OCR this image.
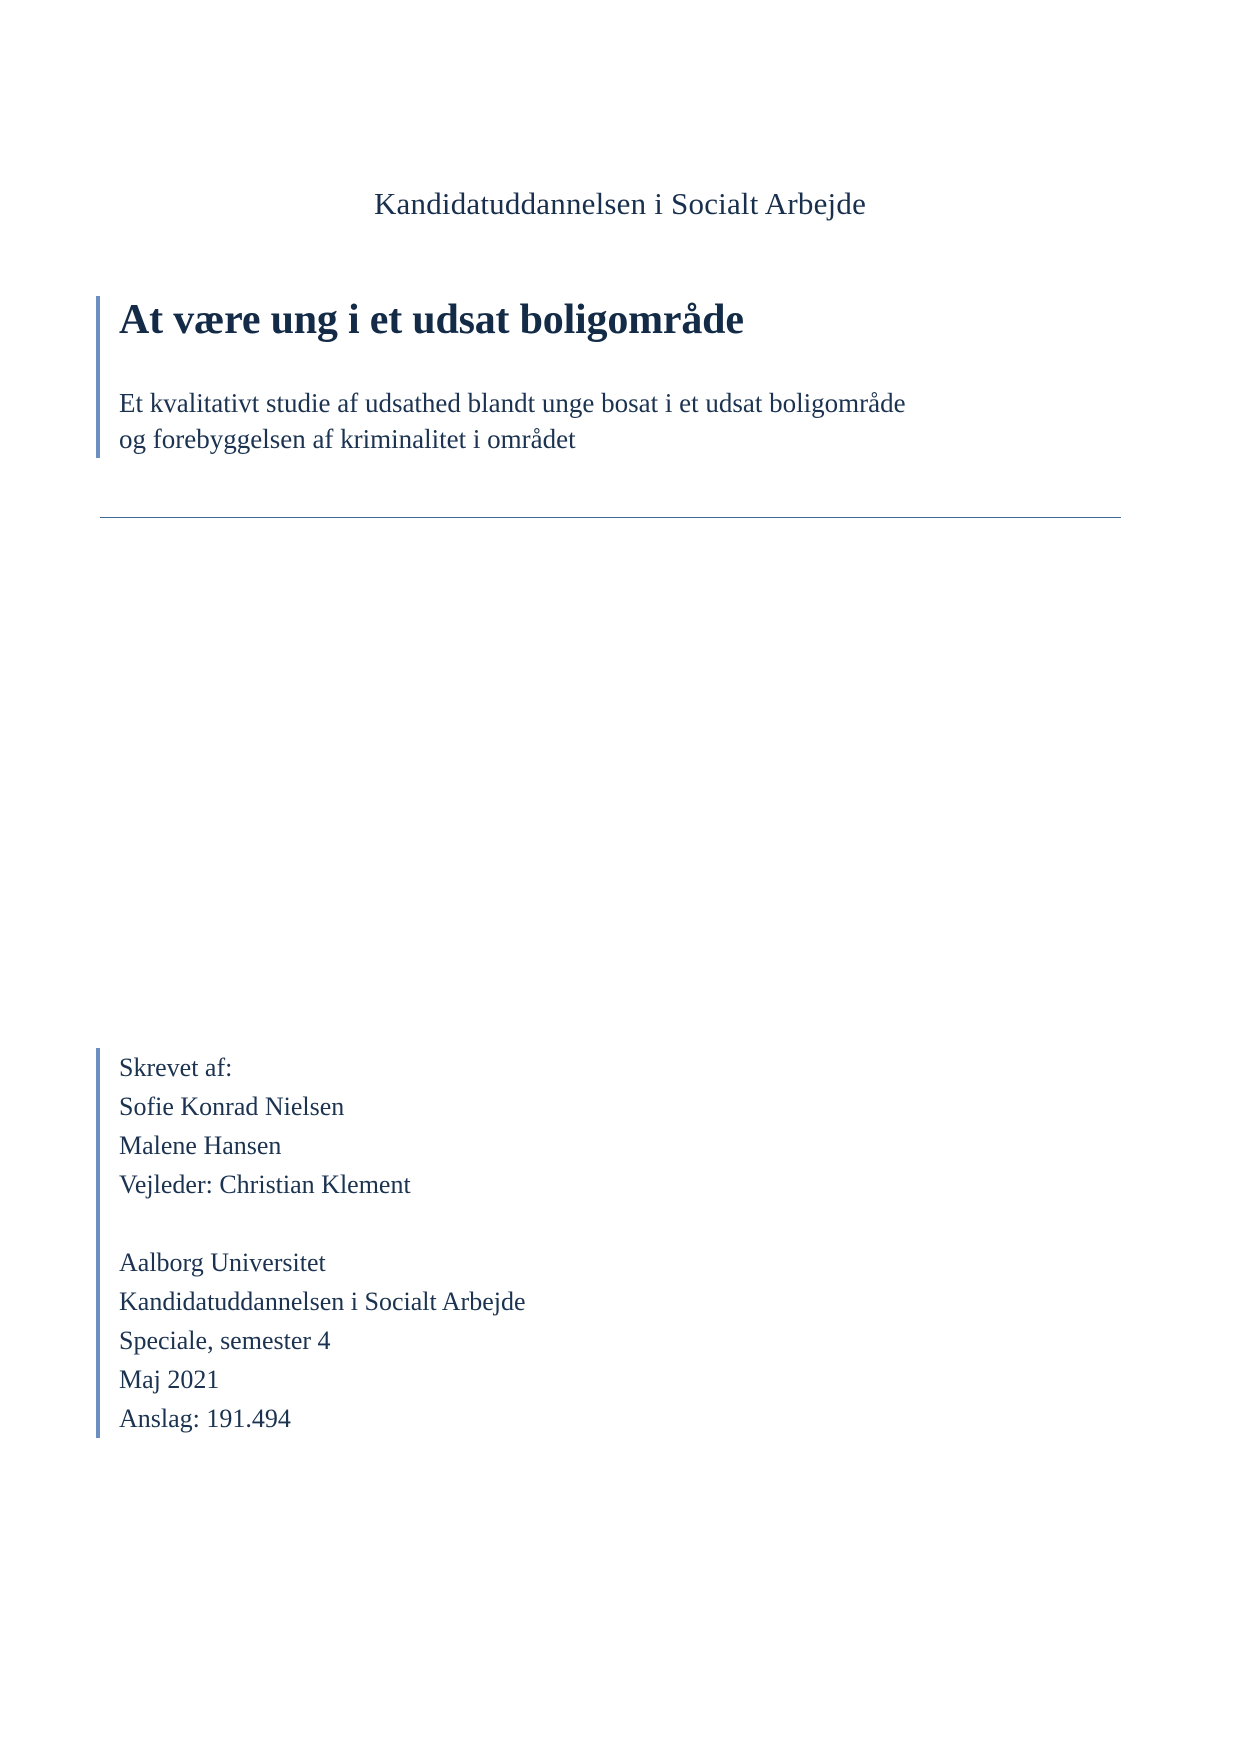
Kandidatuddannelsen i Socialt Arbejde
At være ung i et udsat boligområde

Et kvalitativt studie af udsathed blandt unge bosat i et udsat boligområde
og forebyggelsen af kriminalitet i området

Skrevet af:
Sofie Konrad Nielsen
Malene Hansen
Vejleder: Christian Klement
Aalborg Universitet
Kandidatuddannelsen i Socialt Arbejde
Speciale, semester 4
Maj 2021
Anslag: 191.494
